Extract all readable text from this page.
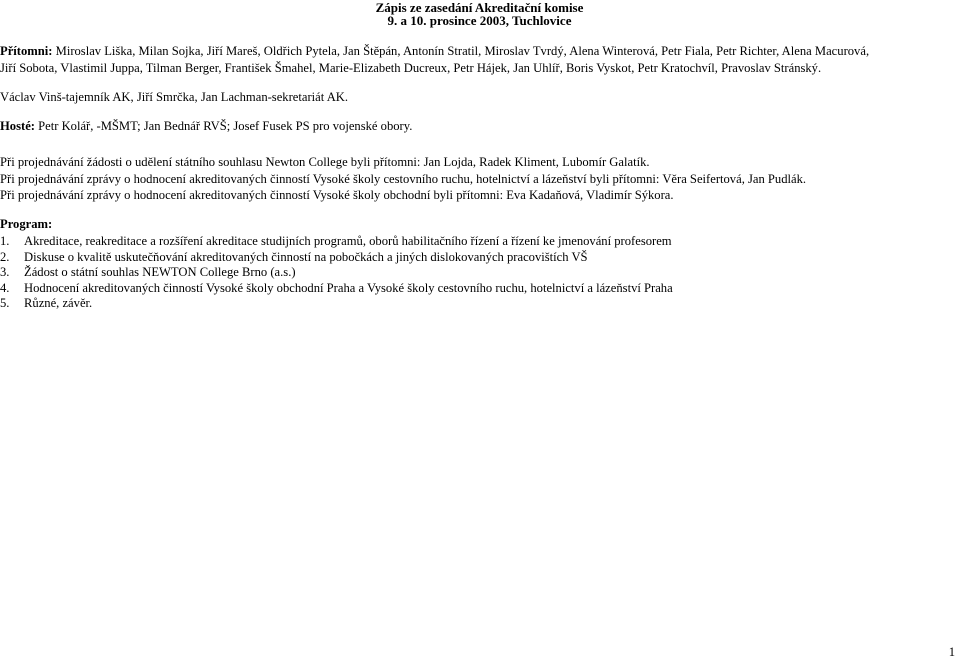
Zápis ze zasedání Akreditační komise
9. a 10. prosince 2003, Tuchlovice
Přítomni: Miroslav Liška, Milan Sojka, Jiří Mareš, Oldřich Pytela, Jan Štěpán, Antonín Stratil, Miroslav Tvrdý, Alena Winterová, Petr Fiala, Petr Richter, Alena Macurová,
Jiří Sobota, Vlastimil Juppa, Tilman Berger, František Šmahel, Marie-Elizabeth Ducreux, Petr Hájek, Jan Uhlíř, Boris Vyskot, Petr Kratochvíl, Pravoslav Stránský.
Václav Vinš-tajemník AK, Jiří Smrčka, Jan Lachman-sekretariát AK.
Hosté: Petr Kolář, -MŠMT; Jan Bednář RVŠ; Josef Fusek PS pro vojenské obory.
Při projednávání žádosti o udělení státního souhlasu Newton College byli přítomni: Jan Lojda, Radek Kliment, Lubomír Galatík.
Při projednávání zprávy o hodnocení akreditovaných činností Vysoké školy cestovního ruchu, hotelnictví a lázeňství byli přítomni: Věra Seifertová, Jan Pudlák.
Při projednávání zprávy o hodnocení akreditovaných činností Vysoké školy obchodní byli přítomni: Eva Kadaňová, Vladimír Sýkora.
Program:
1. Akreditace, reakreditace a rozšíření akreditace studijních programů, oborů habilitačního řízení a řízení ke jmenování profesorem
2. Diskuse o kvalitě uskutečňování akreditovaných činností na pobočkách a jiných dislokovaných pracovištích VŠ
3. Žádost o státní souhlas NEWTON College Brno (a.s.)
4. Hodnocení akreditovaných činností Vysoké školy obchodní Praha a Vysoké školy cestovního ruchu, hotelnictví a lázeňství Praha
5. Různé, závěr.
1
